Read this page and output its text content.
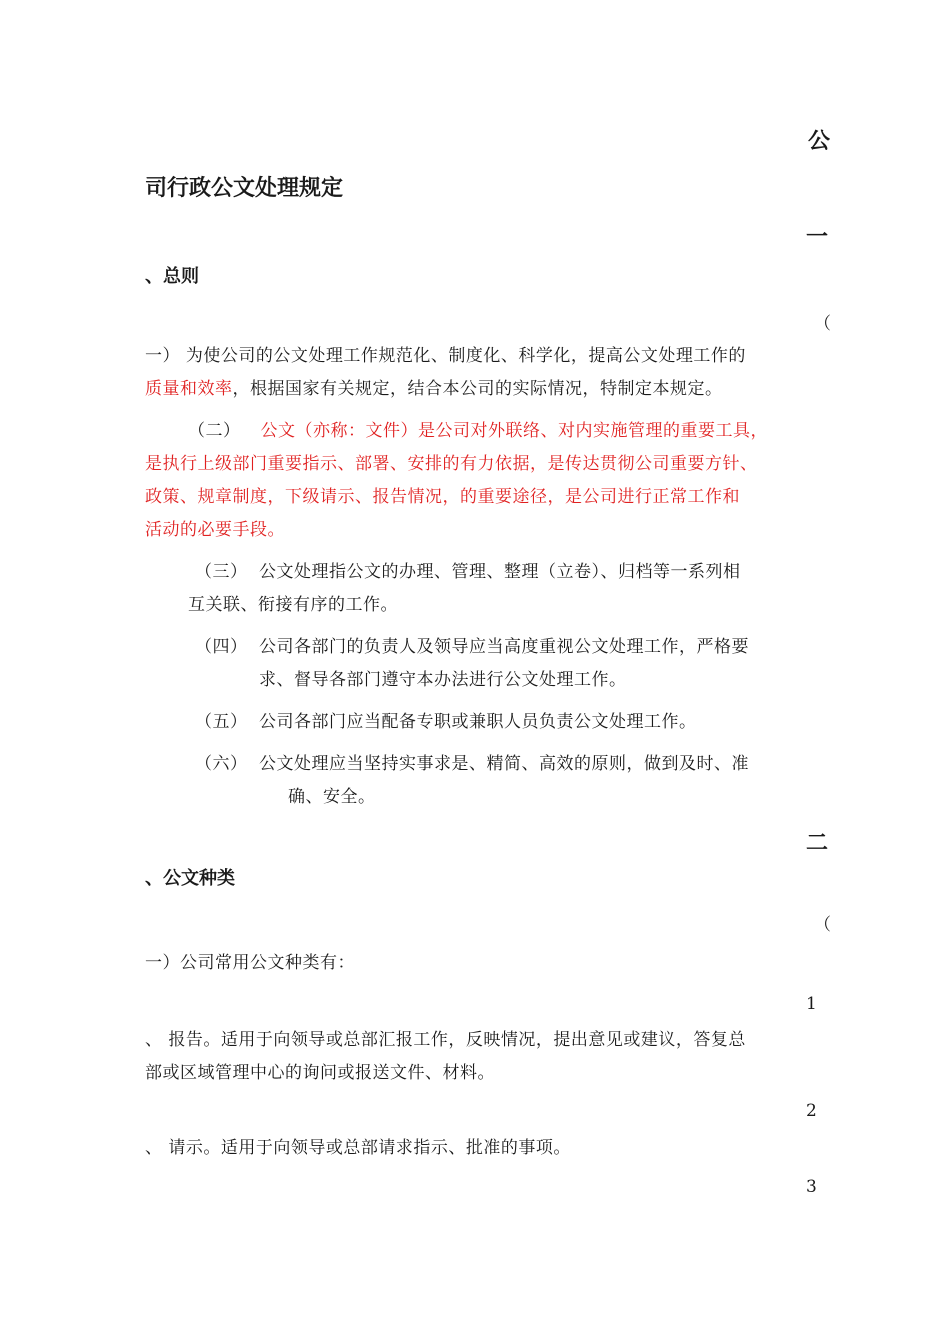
公
司行政公文处理规定
一
、总则
（
一） 为使公司的公文处理工作规范化、制度化、科学化，提高公文处理工作的
质量和效率，根据国家有关规定，结合本公司的实际情况，特制定本规定。
（二） 公文（亦称：文件）是公司对外联络、对内实施管理的重要工具，
是执行上级部门重要指示、部署、安排的有力依据，是传达贯彻公司重要方针、
政策、规章制度，下级请示、报告情况，的重要途径，是公司进行正常工作和
活动的必要手段。
（三） 公文处理指公文的办理、管理、整理（立卷）、归档等一系列相
互关联、衔接有序的工作。
（四） 公司各部门的负责人及领导应当高度重视公文处理工作，严格要
求、督导各部门遵守本办法进行公文处理工作。
（五） 公司各部门应当配备专职或兼职人员负责公文处理工作。
（六） 公文处理应当坚持实事求是、精简、高效的原则，做到及时、准
确、安全。
二
、公文种类
（
一）公司常用公文种类有：
1
、 报告。适用于向领导或总部汇报工作，反映情况，提出意见或建议，答复总
部或区域管理中心的询问或报送文件、材料。
2
、 请示。适用于向领导或总部请求指示、批准的事项。
3
